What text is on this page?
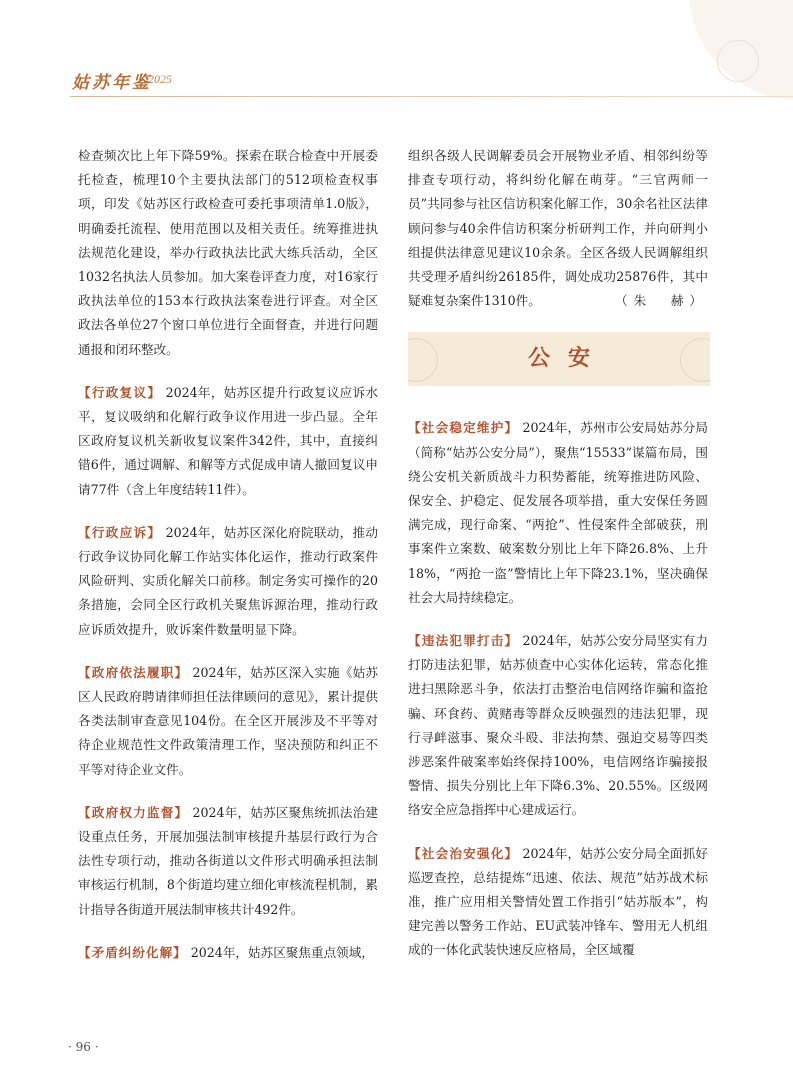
姑苏年鉴
2025

检查频次比上年下降59%。探索在联合检查中开展委托检查，梳理10个主要执法部门的512项检查权事项，印发《姑苏区行政检查可委托事项清单1.0版》，明确委托流程、使用范围以及相关责任。统筹推进执法规范化建设，举办行政执法比武大练兵活动，全区1032名执法人员参加。加大案卷评查力度，对16家行政执法单位的153本行政执法案卷进行评查。对全区政法各单位27个窗口单位进行全面督查，并进行问题通报和闭环整改。

【行政复议】 2024年，姑苏区提升行政复议应诉水平，复议吸纳和化解行政争议作用进一步凸显。全年区政府复议机关新收复议案件342件，其中，直接纠错6件，通过调解、和解等方式促成申请人撤回复议申请77件（含上年度结转11件）。

【行政应诉】 2024年，姑苏区深化府院联动，推动行政争议协同化解工作站实体化运作，推动行政案件风险研判、实质化解关口前移。制定务实可操作的20条措施，会同全区行政机关聚焦诉源治理，推动行政应诉质效提升，败诉案件数量明显下降。

【政府依法履职】 2024年，姑苏区深入实施《姑苏区人民政府聘请律师担任法律顾问的意见》，累计提供各类法制审查意见104份。在全区开展涉及不平等对待企业规范性文件政策清理工作，坚决预防和纠正不平等对待企业文件。

【政府权力监督】 2024年，姑苏区聚焦统抓法治建设重点任务，开展加强法制审核提升基层行政行为合法性专项行动，推动各街道以文件形式明确承担法制审核运行机制，8个街道均建立细化审核流程机制，累计指导各街道开展法制审核共计492件。

【矛盾纠纷化解】 2024年，姑苏区聚焦重点领域，

组织各级人民调解委员会开展物业矛盾、相邻纠纷等排查专项行动，将纠纷化解在萌芽。“三官两师一员”共同参与社区信访积案化解工作，30余名社区法律顾问参与40余件信访积案分析研判工作，并向研判小组提供法律意见建议10余条。全区各级人民调解组织共受理矛盾纠纷26185件，调处成功25876件，其中疑难复杂案件1310件。	（朱　赫）

公安

【社会稳定维护】 2024年，苏州市公安局姑苏分局（简称“姑苏公安分局”），聚焦“15533”谋篇布局，围绕公安机关新质战斗力积势蓄能，统筹推进防风险、保安全、护稳定、促发展各项举措，重大安保任务圆满完成，现行命案、“两抢”、性侵案件全部破获，刑事案件立案数、破案数分别比上年下降26.8%、上升18%，“两抢一盗”警情比上年下降23.1%，坚决确保社会大局持续稳定。

【违法犯罪打击】 2024年，姑苏公安分局坚实有力打防违法犯罪，姑苏侦查中心实体化运转，常态化推进扫黑除恶斗争，依法打击整治电信网络诈骗和盗抢骗、环食药、黄赌毒等群众反映强烈的违法犯罪，现行寻衅滋事、聚众斗殴、非法拘禁、强迫交易等四类涉恶案件破案率始终保持100%，电信网络诈骗接报警情、损失分别比上年下降6.3%、20.55%。区级网络安全应急指挥中心建成运行。

【社会治安强化】 2024年，姑苏公安分局全面抓好巡逻查控，总结提炼“迅速、依法、规范”姑苏战术标准，推广应用相关警情处置工作指引“姑苏版本”，构建完善以警务工作站、EU武装冲锋车、警用无人机组成的一体化武装快速反应格局，全区域覆

· 96 ·
